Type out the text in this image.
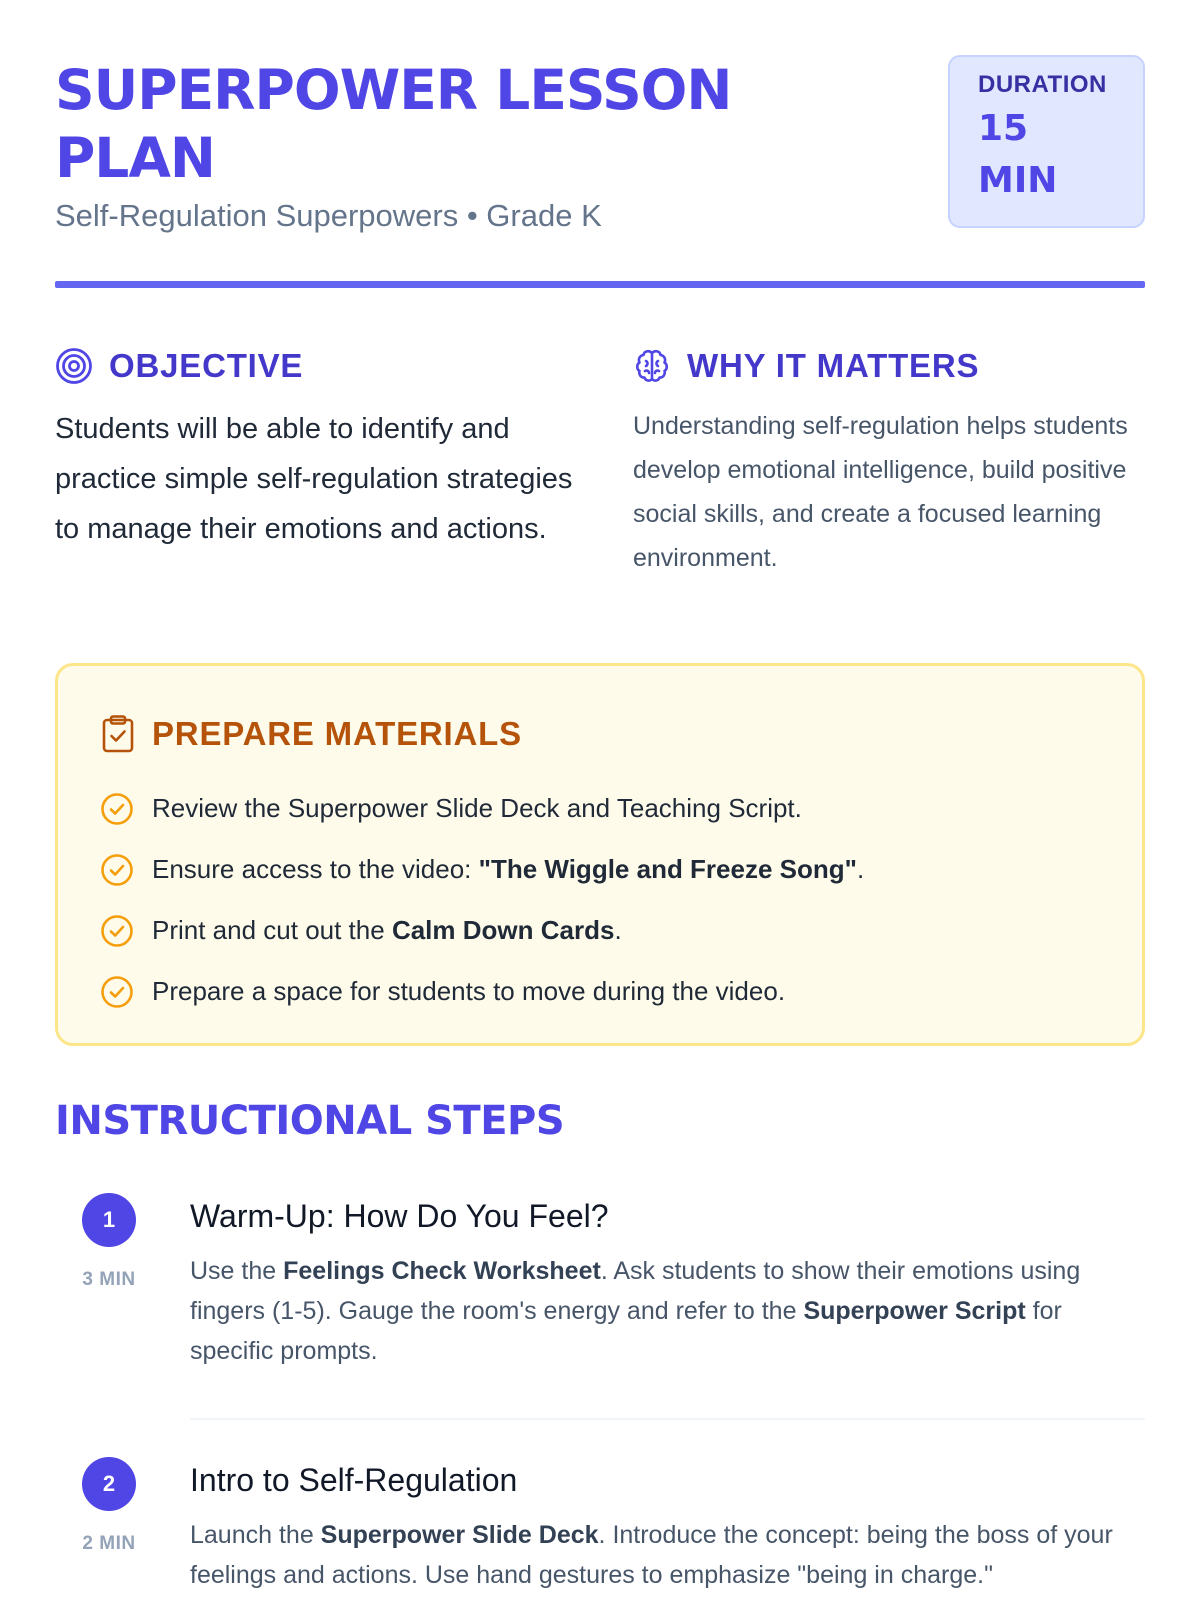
SUPERPOWER LESSON PLAN
Self-Regulation Superpowers • Grade K
DURATION
15 MIN
OBJECTIVE

Students will be able to identify and practice simple self-regulation strategies to manage their emotions and actions.

WHY IT MATTERS

Understanding self-regulation helps students develop emotional intelligence, build positive social skills, and create a focused learning environment.

PREPARE MATERIALS
Review the Superpower Slide Deck and Teaching Script.
Ensure access to the video: "The Wiggle and Freeze Song".
Print and cut out the Calm Down Cards.
Prepare a space for students to move during the video.
INSTRUCTIONAL STEPS
1
3 MIN
Warm-Up: How Do You Feel?

Use the Feelings Check Worksheet. Ask students to show their emotions using fingers (1-5). Gauge the room's energy and refer to the Superpower Script for specific prompts.

2
2 MIN
Intro to Self-Regulation

Launch the Superpower Slide Deck. Introduce the concept: being the boss of your feelings and actions. Use hand gestures to emphasize "being in charge."
